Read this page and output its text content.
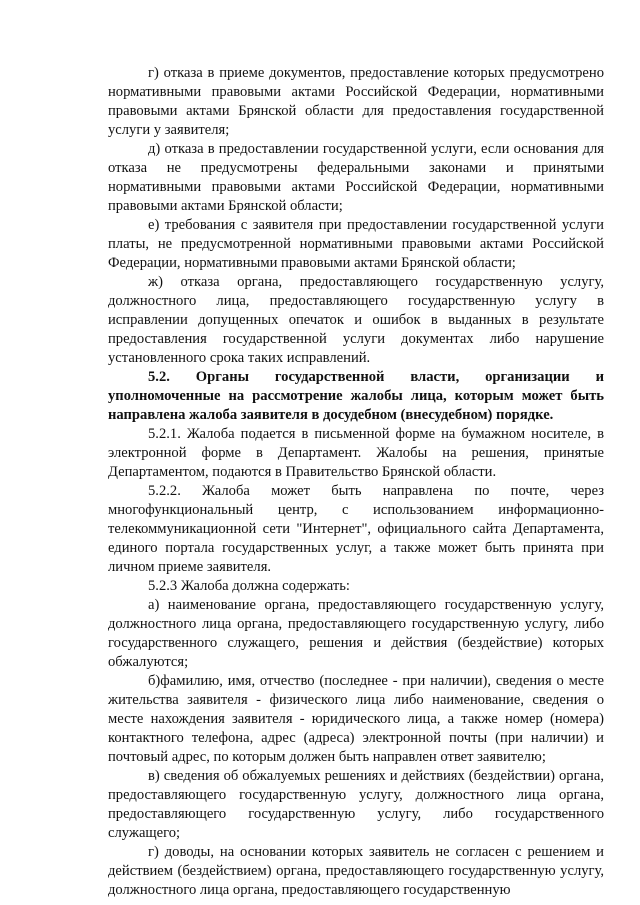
г) отказа в приеме документов, предоставление которых предусмотрено нормативными правовыми актами Российской Федерации, нормативными правовыми актами Брянской области для предоставления государственной услуги у заявителя;

д) отказа в предоставлении государственной услуги, если основания для отказа не предусмотрены федеральными законами и принятыми нормативными правовыми актами Российской Федерации, нормативными правовыми актами Брянской области;

е) требования с заявителя при предоставлении государственной услуги платы, не предусмотренной нормативными правовыми актами Российской Федерации, нормативными правовыми актами Брянской области;

ж) отказа органа, предоставляющего государственную услугу, должностного лица, предоставляющего государственную услугу в исправлении допущенных опечаток и ошибок в выданных в результате предоставления государственной услуги документах либо нарушение установленного срока таких исправлений.

5.2. Органы государственной власти, организации и уполномоченные на рассмотрение жалобы лица, которым может быть направлена жалоба заявителя в досудебном (внесудебном) порядке.

5.2.1. Жалоба подается в письменной форме на бумажном носителе, в электронной форме в Департамент. Жалобы на решения, принятые Департаментом, подаются в Правительство Брянской области.

5.2.2. Жалоба может быть направлена по почте, через многофункциональный центр, с использованием информационно-телекоммуникационной сети "Интернет", официального сайта Департамента, единого портала государственных услуг, а также может быть принята при личном приеме заявителя.

5.2.3 Жалоба должна содержать:

а) наименование органа, предоставляющего государственную услугу, должностного лица органа, предоставляющего государственную услугу, либо государственного служащего, решения и действия (бездействие) которых обжалуются;

б)фамилию, имя, отчество (последнее - при наличии), сведения о месте жительства заявителя - физического лица либо наименование, сведения о месте нахождения заявителя - юридического лица, а также номер (номера) контактного телефона, адрес (адреса) электронной почты (при наличии) и почтовый адрес, по которым должен быть направлен ответ заявителю;

в) сведения об обжалуемых решениях и действиях (бездействии) органа, предоставляющего государственную услугу, должностного лица органа, предоставляющего государственную услугу, либо государственного служащего;

г) доводы, на основании которых заявитель не согласен с решением и действием (бездействием) органа, предоставляющего государственную услугу, должностного лица органа, предоставляющего государственную
